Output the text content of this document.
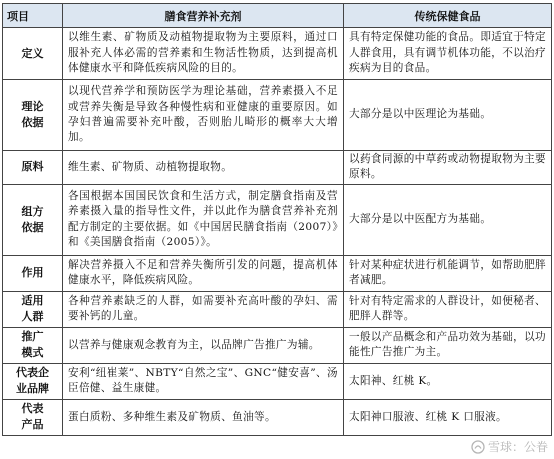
项目	膳食营养补充剂	传统保健食品
定义	以维生素、矿物质及动植物提取物为主要原料，通过口服补充人体必需的营养素和生物活性物质，达到提高机体健康水平和降低疾病风险的目的。	具有特定保健功能的食品。即适宜于特定人群食用，具有调节机体功能，不以治疗疾病为目的食品。

理论依据	以现代营养学和预防医学为理论基础，营养素摄入不足或营养失衡是导致各种慢性病和亚健康的重要原因。如孕妇普遍需要补充叶酸，否则胎儿畸形的概率大大增加。	大部分是以中医理论为基础。
原料	维生素、矿物质、动植物提取物。	以药食同源的中草药或动物提取物为主要原料。

组方依据	各国根据本国国民饮食和生活方式，制定膳食指南及营养素摄入量的指导性文件，并以此作为膳食营养补充剂配方制定的主要依据。如《中国居民膳食指南（2007）》和《美国膳食指南（2005）》。	大部分是以中医配方为基础。
作用	解决营养摄入不足和营养失衡所引发的问题，提高机体健康水平，降低疾病风险。	针对某种症状进行机能调节，如帮助肥胖者减肥。

适用人群	各种营养素缺乏的人群，如需要补充高叶酸的孕妇、需要补钙的儿童。	针对有特定需求的人群设计，如便秘者、肥胖人群等。

推广模式	以营养与健康观念教育为主，以品牌广告推广为辅。	一般以产品概念和产品功效为基础，以功能性广告推广为主。

代表企业品牌	安利“纽崔莱”、NBTY“自然之宝”、GNC“健安喜”、汤臣倍健、益生康健。	太阳神、红桃 K。

代表产品	蛋白质粉、多种维生素及矿物质、鱼油等。	太阳神口服液、红桃 K 口服液。
雪球：公眷
